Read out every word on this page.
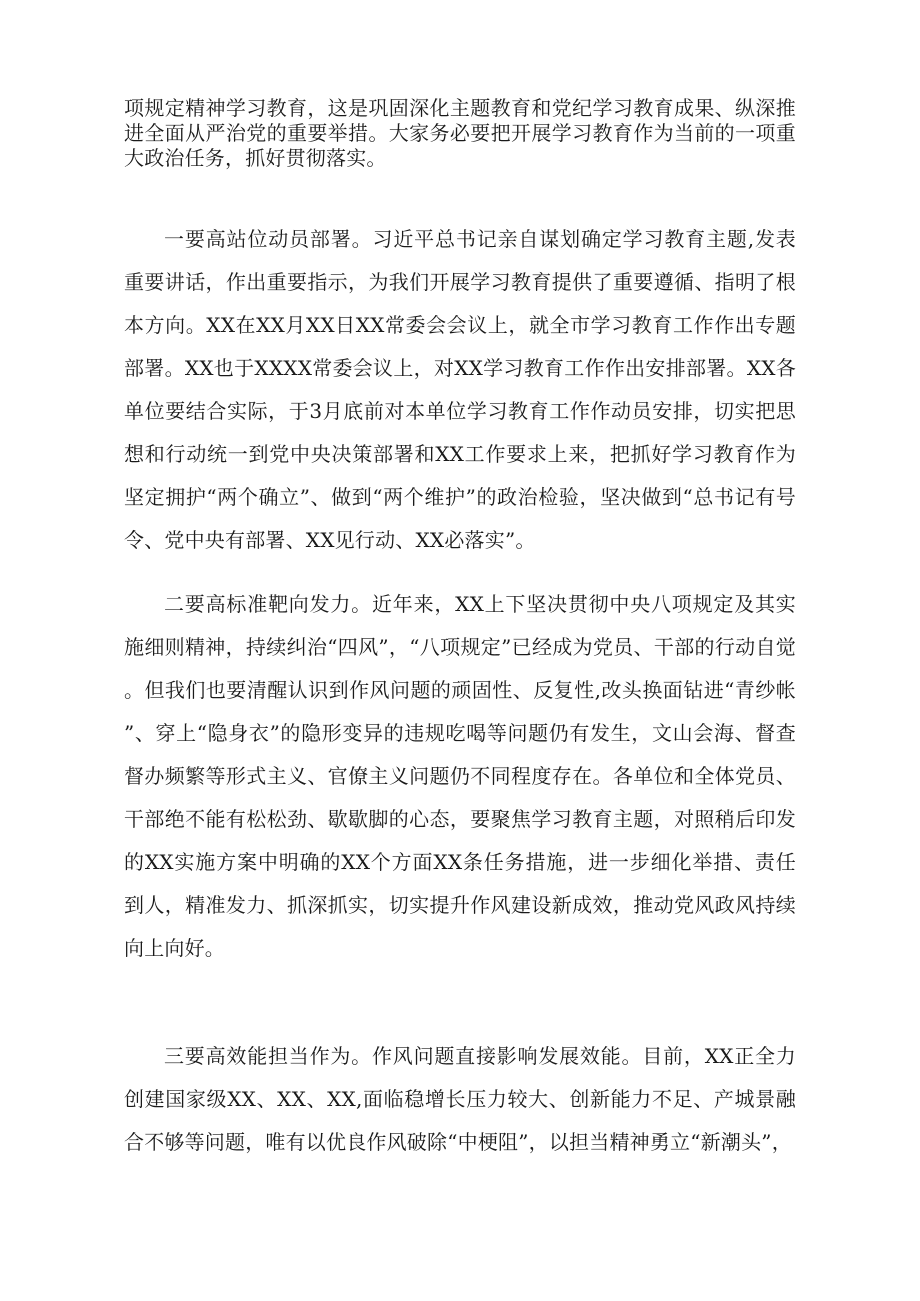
项规定精神学习教育，这是巩固深化主题教育和党纪学习教育成果、纵深推进全面从严治党的重要举措。大家务必要把开展学习教育作为当前的一项重大政治任务，抓好贯彻落实。

一要高站位动员部署。习近平总书记亲自谋划确定学习教育主题,发表重要讲话，作出重要指示，为我们开展学习教育提供了重要遵循、指明了根本方向。XX在XX月XX日XX常委会会议上，就全市学习教育工作作出专题部署。XX也于XXXX常委会议上，对XX学习教育工作作出安排部署。XX各单位要结合实际，于3月底前对本单位学习教育工作作动员安排，切实把思想和行动统一到党中央决策部署和XX工作要求上来，把抓好学习教育作为坚定拥护“两个确立”、做到“两个维护”的政治检验，坚决做到“总书记有号令、党中央有部署、XX见行动、XX必落实”。

二要高标准靶向发力。近年来，XX上下坚决贯彻中央八项规定及其实施细则精神，持续纠治“四风”，“八项规定”已经成为党员、干部的行动自觉。但我们也要清醒认识到作风问题的顽固性、反复性,改头换面钻进“青纱帐”、穿上“隐身衣”的隐形变异的违规吃喝等问题仍有发生，文山会海、督查督办频繁等形式主义、官僚主义问题仍不同程度存在。各单位和全体党员、干部绝不能有松松劲、歇歇脚的心态，要聚焦学习教育主题，对照稍后印发的XX实施方案中明确的XX个方面XX条任务措施，进一步细化举措、责任到人，精准发力、抓深抓实，切实提升作风建设新成效，推动党风政风持续向上向好。

三要高效能担当作为。作风问题直接影响发展效能。目前，XX正全力创建国家级XX、XX、XX,面临稳增长压力较大、创新能力不足、产城景融合不够等问题，唯有以优良作风破除“中梗阻”，以担当精神勇立“新潮头”，
